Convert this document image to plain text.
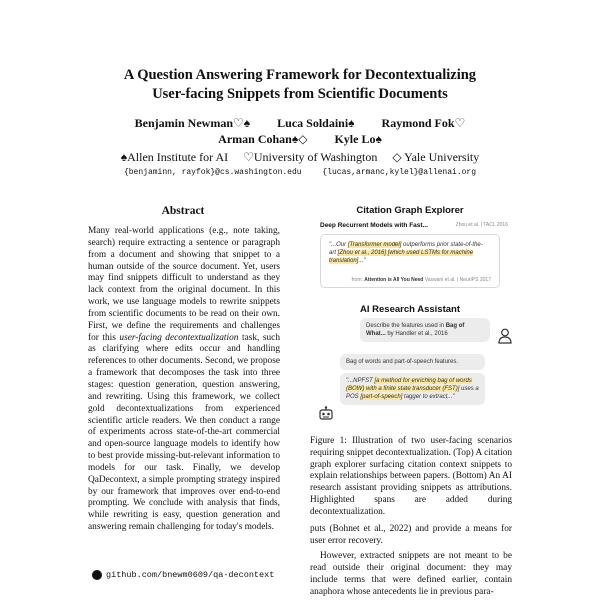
A Question Answering Framework for Decontextualizing
User-facing Snippets from Scientific Documents
Benjamin Newman♡♠ Luca Soldaini♠ Raymond Fok♡
Arman Cohan♠◇ Kyle Lo♠
♠Allen Institute for AI ♡University of Washington ◇ Yale University
{benjaminn, rayfok}@cs.washington.edu	{lucas,armanc,kylel}@allenai.org
Abstract
Many real-world applications (e.g., note taking, search) require extracting a sentence or paragraph from a document and showing that snippet to a human outside of the source document. Yet, users may find snippets difficult to understand as they lack context from the original document. In this work, we use language models to rewrite snippets from scientific documents to be read on their own. First, we define the requirements and challenges for this user-facing decontextualization task, such as clarifying where edits occur and handling references to other documents. Second, we propose a framework that decomposes the task into three stages: question generation, question answering, and rewriting. Using this framework, we collect gold decontextualizations from experienced scientific article readers. We then conduct a range of experiments across state-of-the-art commercial and open-source language models to identify how to best provide missing-but-relevant information to models for our task. Finally, we develop QaDecontext, a simple prompting strategy inspired by our framework that improves over end-to-end prompting. We conclude with analysis that finds, while rewriting is easy, question generation and answering remain challenging for today's models.
github.com/bnewm0609/qa-decontext
Citation Graph Explorer
Deep Recurrent Models with Fast...	Zhou et al. | TACL 2016
"...Our [Transformer model] outperforms prior state-of-the-art [Zhou et al., 2016] [which used LSTMs for machine translation]..."
from: Attention is All You Need Vaswani et al. | NeurIPS 2017
AI Research Assistant
Describe the features used in Bag of What... by Handler et al., 2016
Bag of words and part-of-speech features.
"...NPFST [a method for enriching bag of words (BOW) with a finite state transducer (FST)] uses a POS [part-of-speech] tagger to extract..."
Figure 1: Illustration of two user-facing scenarios requiring snippet decontextualization. (Top) A citation graph explorer surfacing citation context snippets to explain relationships between papers. (Bottom) An AI research assistant providing snippets as attributions. Highlighted spans are added during decontextualization.

puts (Bohnet et al., 2022) and provide a means for user error recovery.

However, extracted snippets are not meant to be read outside their original document: they may include terms that were defined earlier, contain anaphora whose antecedents lie in previous para-
